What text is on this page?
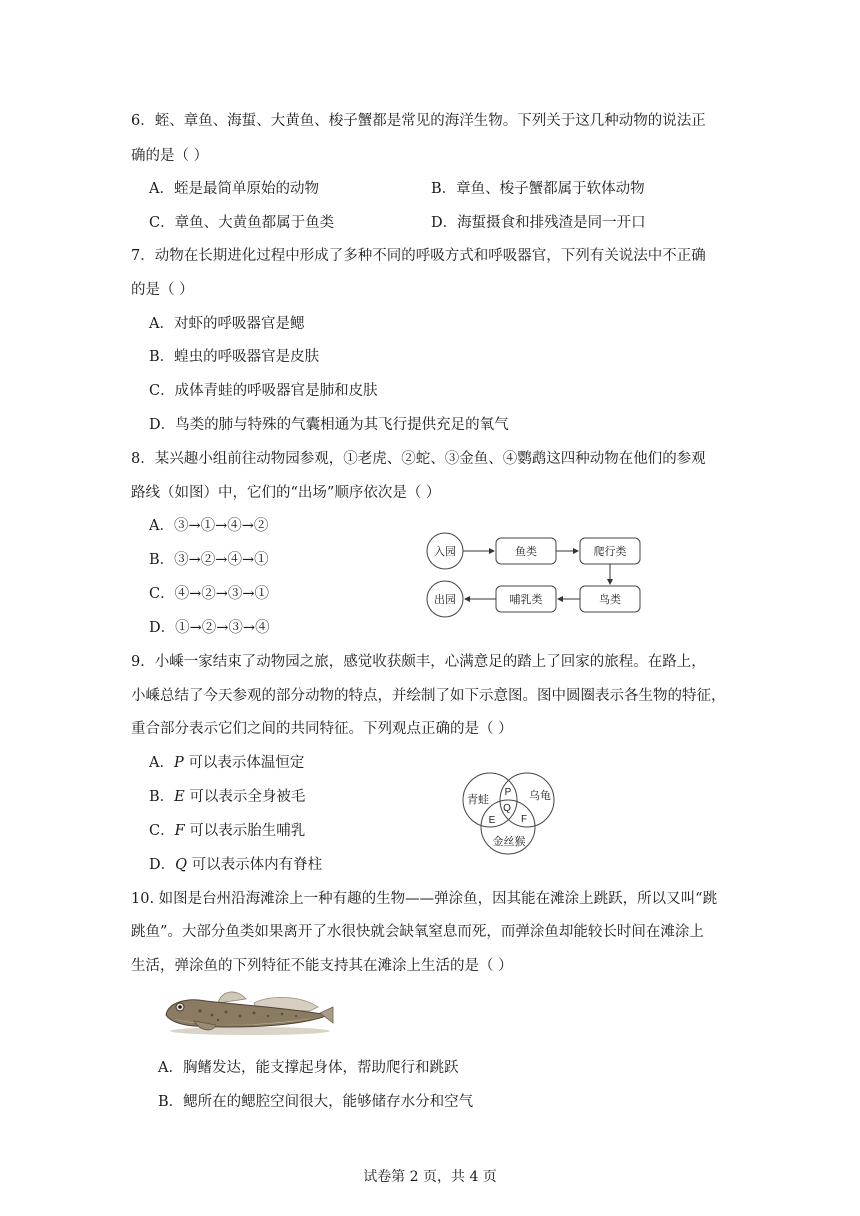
6．蛭、章鱼、海蜇、大黄鱼、梭子蟹都是常见的海洋生物。下列关于这几种动物的说法正
确的是（ ）
A．蛭是最简单原始的动物	B．章鱼、梭子蟹都属于软体动物
C．章鱼、大黄鱼都属于鱼类	D．海蜇摄食和排残渣是同一开口
7．动物在长期进化过程中形成了多种不同的呼吸方式和呼吸器官，下列有关说法中不正确
的是（ ）
A．对虾的呼吸器官是鳃
B．蝗虫的呼吸器官是皮肤
C．成体青蛙的呼吸器官是肺和皮肤
D．鸟类的肺与特殊的气囊相通为其飞行提供充足的氧气
8．某兴趣小组前往动物园参观，①老虎、②蛇、③金鱼、④鹦鹉这四种动物在他们的参观
路线（如图）中，它们的“出场”顺序依次是（ ）
A．③→①→④→②
B．③→②→④→①
C．④→②→③→①
D．①→②→③→④
入园	鱼类	爬行类
鸟类
哺乳类
出园
9．小嵊一家结束了动物园之旅，感觉收获颇丰，心满意足的踏上了回家的旅程。在路上，
小嵊总结了今天参观的部分动物的特点，并绘制了如下示意图。图中圆圈表示各生物的特征，
重合部分表示它们之间的共同特征。下列观点正确的是（ ）
A．P 可以表示体温恒定
B．E 可以表示全身被毛
C．F 可以表示胎生哺乳
D．Q 可以表示体内有脊柱
青蛙	乌龟
金丝猴
P
Q
E	F
10. 如图是台州沿海滩涂上一种有趣的生物——弹涂鱼，因其能在滩涂上跳跃，所以又叫“跳
跳鱼”。大部分鱼类如果离开了水很快就会缺氧窒息而死，而弹涂鱼却能较长时间在滩涂上
生活，弹涂鱼的下列特征不能支持其在滩涂上生活的是（ ）
A．胸鳍发达，能支撑起身体，帮助爬行和跳跃
B．鳃所在的鳃腔空间很大，能够储存水分和空气
试卷第 2 页，共 4 页
